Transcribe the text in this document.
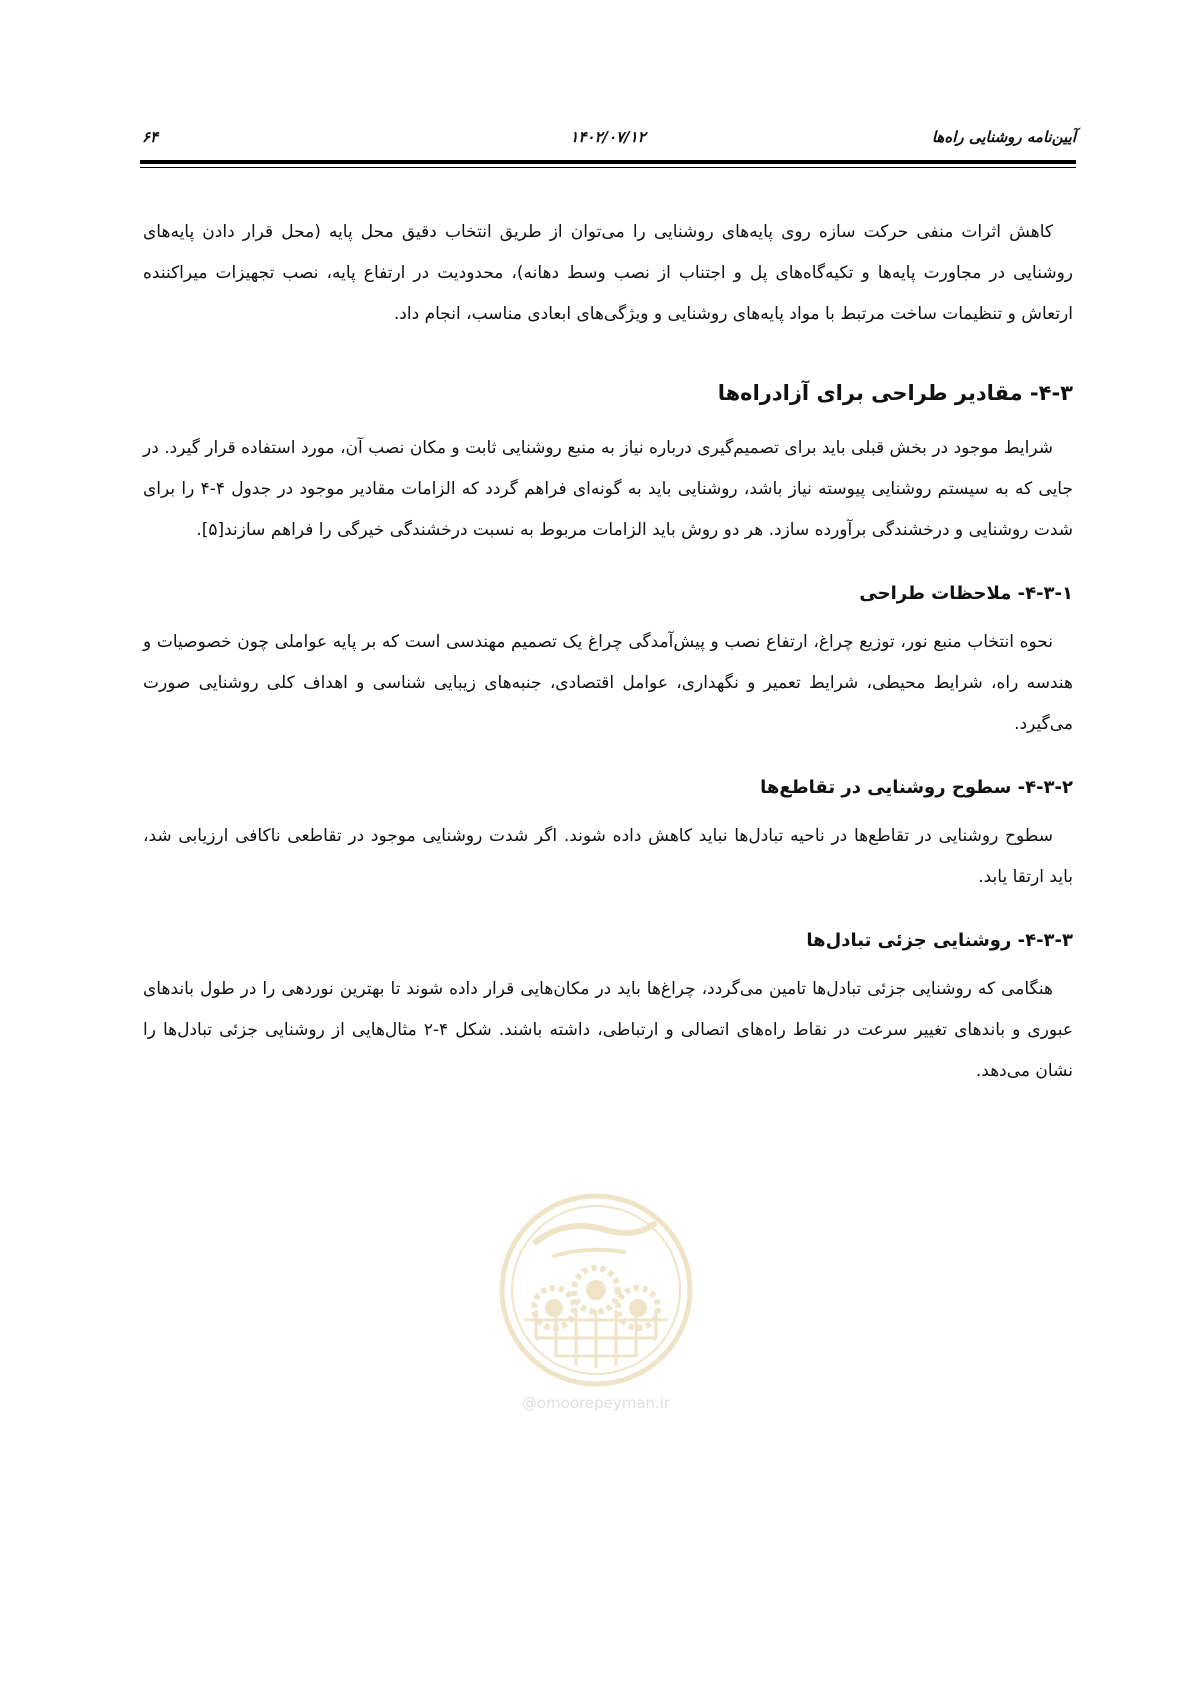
آیین‌نامه روشنایی راه‌ها
۱۴۰۲/۰۷/۱۲
۶۴

کاهش اثرات منفی حرکت سازه روی پایه‌های روشنایی را می‌توان از طریق انتخاب دقیق محل پایه (محل قرار دادن پایه‌های روشنایی در مجاورت پایه‌ها و تکیه‌گاه‌های پل و اجتناب از نصب وسط دهانه)، محدودیت در ارتفاع پایه، نصب تجهیزات میراکننده ارتعاش و تنظیمات ساخت مرتبط با مواد پایه‌های روشنایی و ویژگی‌های ابعادی مناسب، انجام داد.

۴-۳- مقادیر طراحی برای آزادراه‌ها

شرایط موجود در بخش قبلی باید برای تصمیم‌گیری درباره نیاز به منبع روشنایی ثابت و مکان نصب آن، مورد استفاده قرار گیرد. در جایی که به سیستم روشنایی پیوسته نیاز باشد، روشنایی باید به گونه‌ای فراهم گردد که الزامات مقادیر موجود در جدول ۴-۴ را برای شدت روشنایی و درخشندگی برآورده سازد. هر دو روش باید الزامات مربوط به نسبت درخشندگی خیرگی را فراهم سازند[۵].

۴-۳-۱- ملاحظات طراحی

نحوه انتخاب منبع نور، توزیع چراغ، ارتفاع نصب و پیش‌آمدگی چراغ یک تصمیم مهندسی است که بر پایه عواملی چون خصوصیات و هندسه راه، شرایط محیطی، شرایط تعمیر و نگهداری، عوامل اقتصادی، جنبه‌های زیبایی شناسی و اهداف کلی روشنایی صورت می‌گیرد.

۴-۳-۲- سطوح روشنایی در تقاطع‌ها

سطوح روشنایی در تقاطع‌ها در ناحیه تبادل‌ها نباید کاهش داده شوند. اگر شدت روشنایی موجود در تقاطعی ناکافی ارزیابی شد، باید ارتقا یابد.

۴-۳-۳- روشنایی جزئی تبادل‌ها

هنگامی که روشنایی جزئی تبادل‌ها تامین می‌گردد، چراغ‌ها باید در مکان‌هایی قرار داده شوند تا بهترین نوردهی را در طول باندهای عبوری و باندهای تغییر سرعت در نقاط راه‌های اتصالی و ارتباطی، داشته باشند. شکل ۴-۲ مثال‌هایی از روشنایی جزئی تبادل‌ها را نشان می‌دهد.

@omoorepeyman.ir
